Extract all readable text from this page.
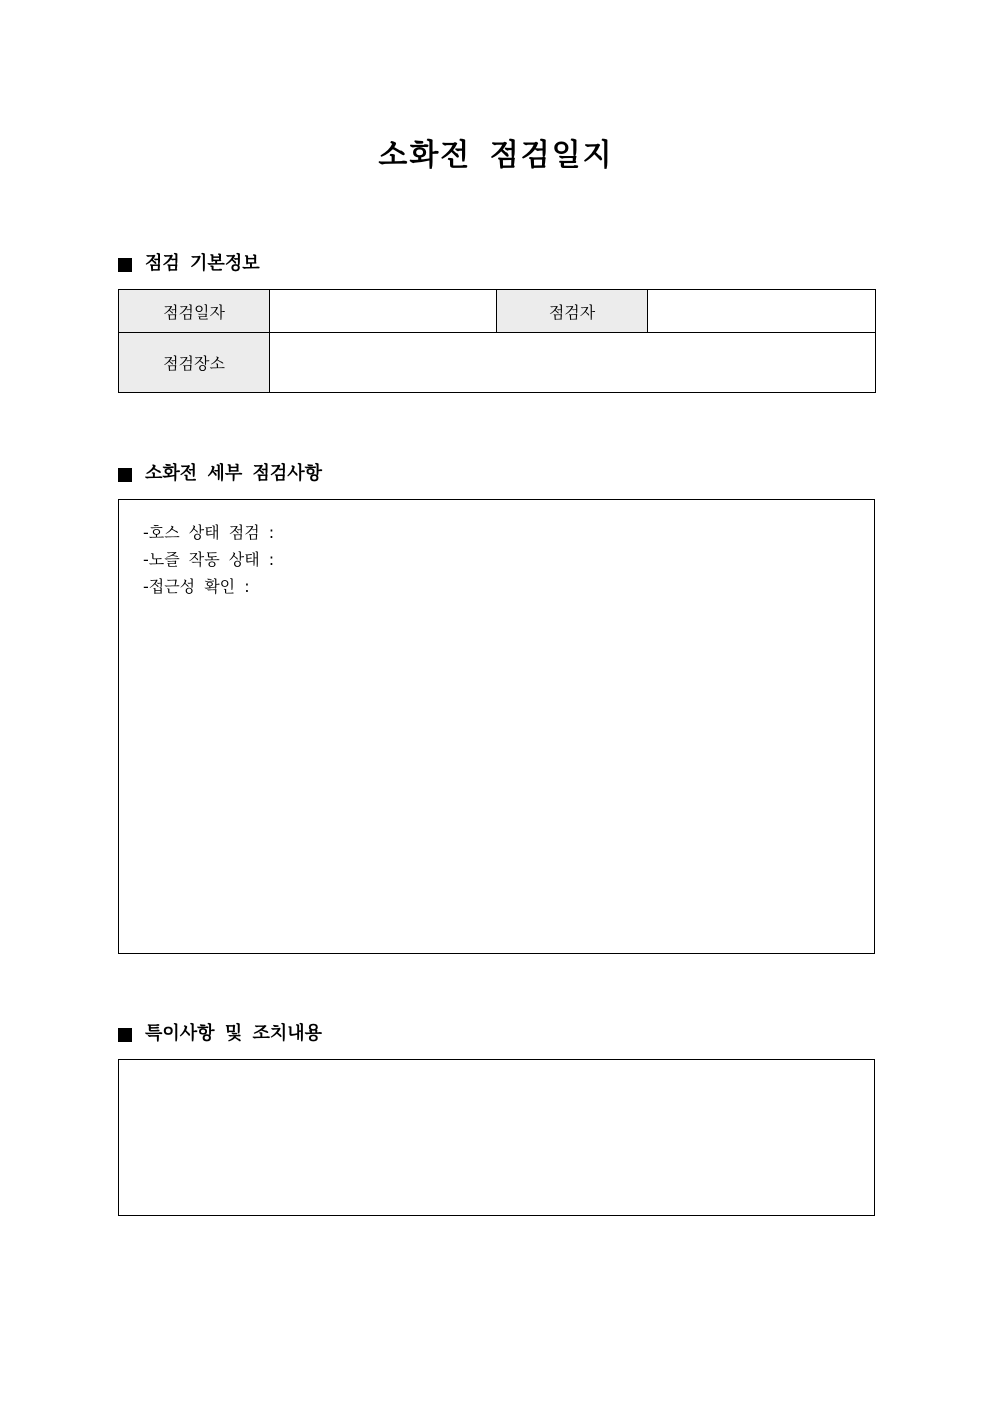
소화전 점검일지
점검 기본정보
점검일자		점검자	
점검장소			
소화전 세부 점검사항
-호스 상태 점검 :
-노즐 작동 상태 :
-접근성 확인 :
특이사항 및 조치내용
